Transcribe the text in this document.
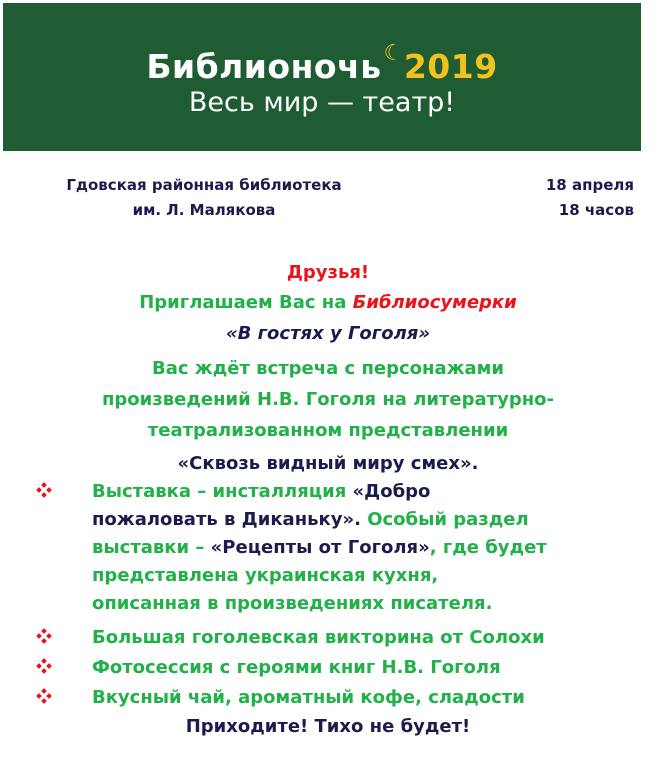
Библионочь☾2019
Весь мир — театр!
Гдовская районная библиотека
им. Л. Малякова
18 апреля
18 часов
Друзья!
Приглашаем Вас на Библиосумерки
«В гостях у Гоголя»
Вас ждёт встреча с персонажами
произведений Н.В. Гоголя на литературно-
театрализованном представлении
«Сквозь видный миру смех».
Выставка – инсталляция «Добро
пожаловать в Диканьку». Особый раздел
выставки – «Рецепты от Гоголя», где будет
представлена украинская кухня,
описанная в произведениях писателя.
Большая гоголевская викторина от Солохи
Фотосессия с героями книг Н.В. Гоголя
Вкусный чай, ароматный кофе, сладости
Приходите! Тихо не будет!
